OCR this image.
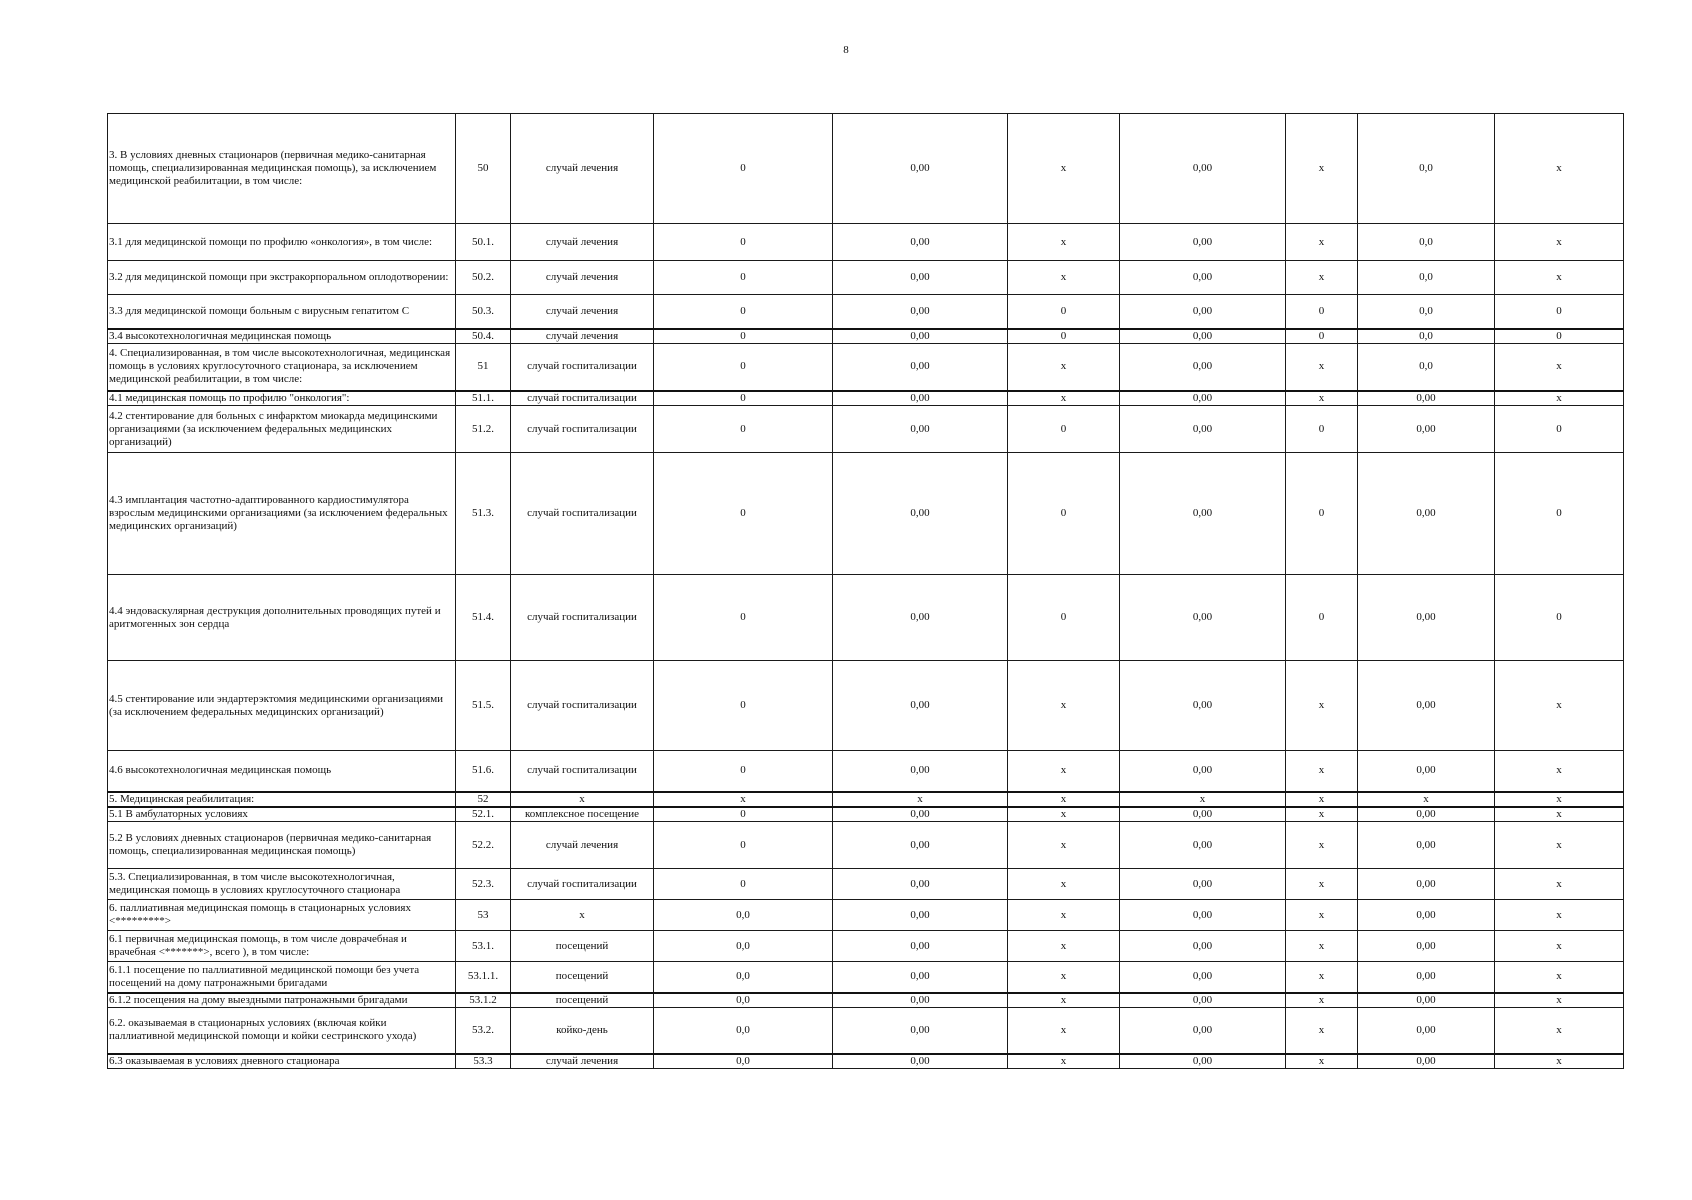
8
3. В условиях дневных стационаров (первичная медико-санитарная помощь, специализированная медицинская помощь), за исключением медицинской реабилитации, в том числе:	50	случай лечения	0	0,00	х	0,00	х	0,0	х
3.1 для медицинской помощи по профилю «онкология», в том числе:	50.1.	случай лечения	0	0,00	х	0,00	х	0,0	х
3.2 для медицинской помощи при экстракорпоральном оплодотворении:	50.2.	случай лечения	0	0,00	х	0,00	х	0,0	х
3.3 для медицинской помощи больным с вирусным гепатитом С	50.3.	случай лечения	0	0,00	0	0,00	0	0,0	0
3.4 высокотехнологичная медицинская помощь	50.4.	случай лечения	0	0,00	0	0,00	0	0,0	0
4. Специализированная, в том числе высокотехнологичная, медицинская помощь в условиях круглосуточного стационара, за исключением медицинской реабилитации, в том числе:	51	случай госпитализации	0	0,00	х	0,00	х	0,0	х
4.1 медицинская помощь по профилю "онкология":	51.1.	случай госпитализации	0	0,00	х	0,00	х	0,00	х
4.2 стентирование для больных с инфарктом миокарда медицинскими организациями (за исключением федеральных медицинских организаций)	51.2.	случай госпитализации	0	0,00	0	0,00	0	0,00	0
4.3 имплантация частотно-адаптированного кардиостимулятора взрослым медицинскими организациями (за исключением федеральных медицинских организаций)	51.3.	случай госпитализации	0	0,00	0	0,00	0	0,00	0
4.4 эндоваскулярная деструкция дополнительных проводящих путей и аритмогенных зон сердца	51.4.	случай госпитализации	0	0,00	0	0,00	0	0,00	0
4.5 стентирование или эндартерэктомия медицинскими организациями (за исключением федеральных медицинских организаций)	51.5.	случай госпитализации	0	0,00	х	0,00	х	0,00	х
4.6 высокотехнологичная медицинская помощь	51.6.	случай госпитализации	0	0,00	х	0,00	х	0,00	х
5. Медицинская реабилитация:	52	х	х	х	х	х	х	х	х
5.1 В амбулаторных условиях	52.1.	комплексное посещение	0	0,00	х	0,00	х	0,00	х
5.2 В условиях дневных стационаров (первичная медико-санитарная помощь, специализированная медицинская помощь)	52.2.	случай лечения	0	0,00	х	0,00	х	0,00	х
5.3. Специализированная, в том числе высокотехнологичная, медицинская помощь в условиях круглосуточного стационара	52.3.	случай госпитализации	0	0,00	х	0,00	х	0,00	х
6. паллиативная медицинская помощь в стационарных условиях <*********>	53	х	0,0	0,00	х	0,00	х	0,00	х
6.1 первичная медицинская помощь, в том числе доврачебная и врачебная <*******>, всего ), в том числе:	53.1.	посещений	0,0	0,00	х	0,00	х	0,00	х
6.1.1 посещение по паллиативной медицинской помощи без учета посещений на дому патронажными бригадами	53.1.1.	посещений	0,0	0,00	х	0,00	х	0,00	х
6.1.2 посещения на дому выездными патронажными бригадами	53.1.2	посещений	0,0	0,00	х	0,00	х	0,00	х
6.2. оказываемая в стационарных условиях (включая койки паллиативной медицинской помощи и койки сестринского ухода)	53.2.	койко-день	0,0	0,00	х	0,00	х	0,00	х
6.3 оказываемая в условиях дневного стационара	53.3	случай лечения	0,0	0,00	х	0,00	х	0,00	х
